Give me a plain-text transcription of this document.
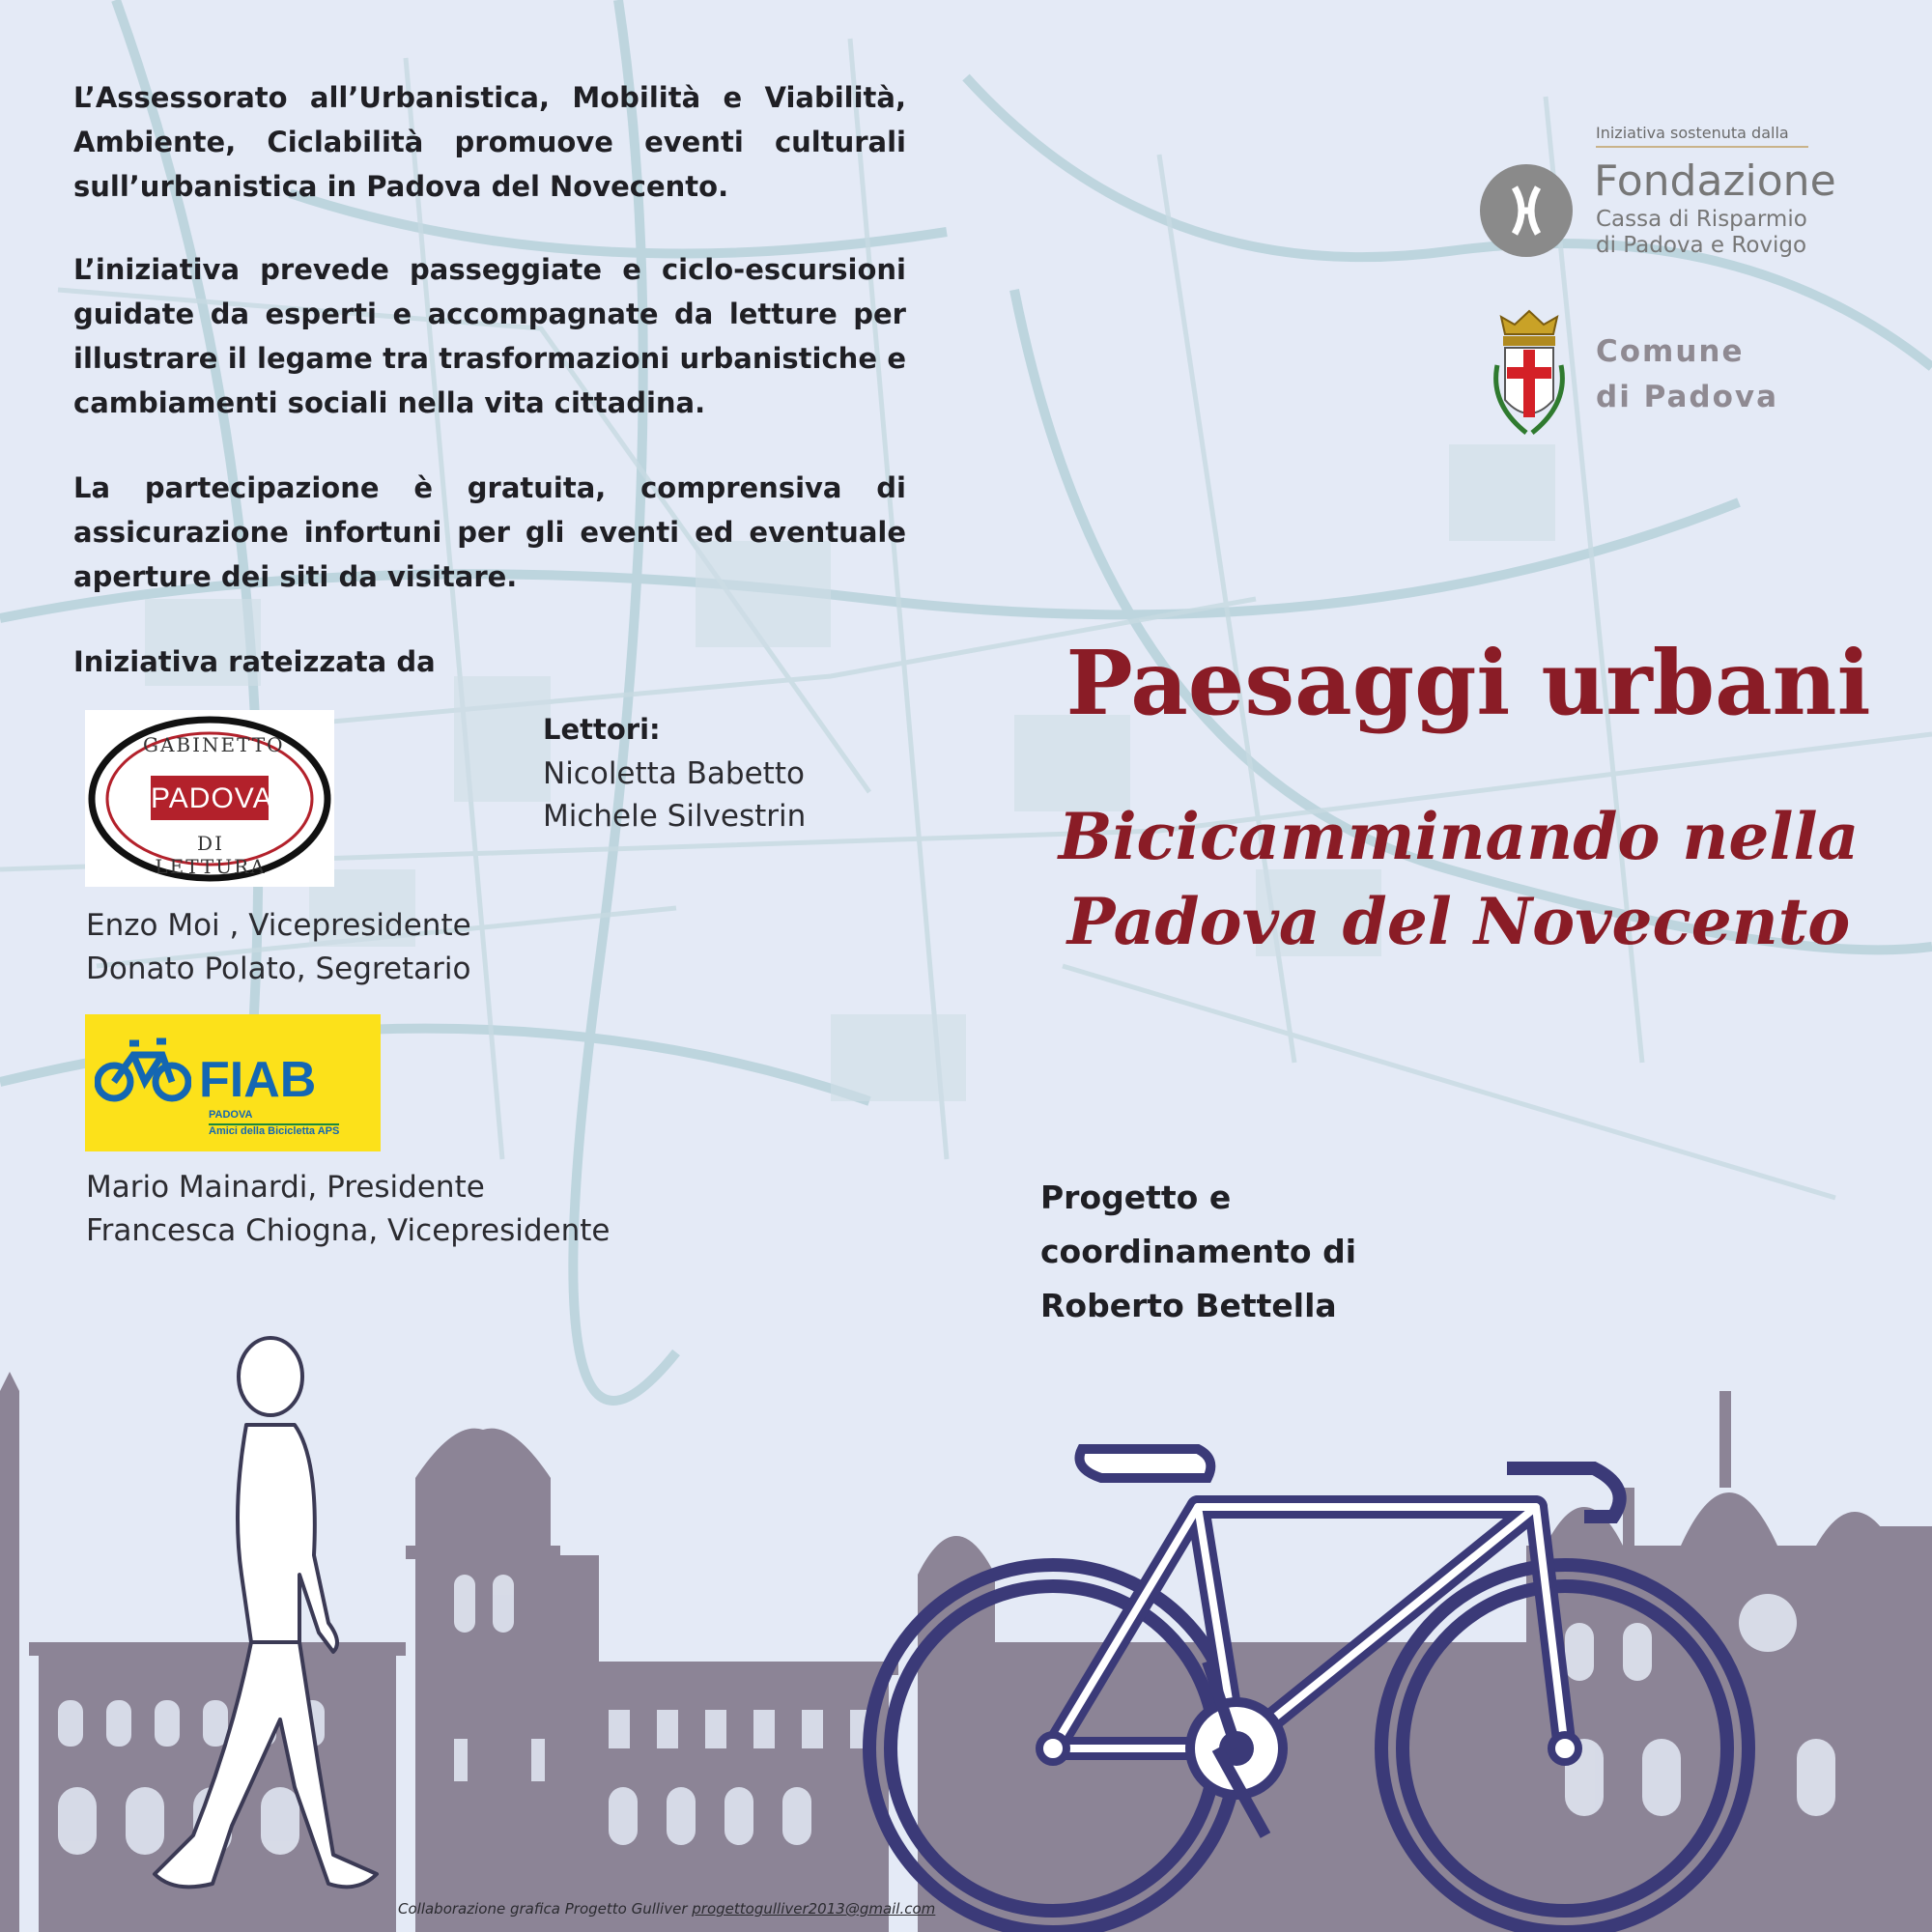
L’Assessorato all’Urbanistica, Mobilità e Viabilità, Ambiente, Ciclabilità promuove eventi culturali sull’urbanistica in Padova del Novecento.

L’iniziativa prevede passeggiate e ciclo-escursioni guidate da esperti e accompagnate da letture per illustrare il legame tra trasformazioni urbanistiche e cambiamenti sociali nella vita cittadina.

La partecipazione è gratuita, comprensiva di assicurazione infortuni per gli eventi ed eventuale aperture dei siti da visitare.

Iniziativa rateizzata da
GABINETTO
PADOVA
DI LETTURA
Enzo Moi , Vicepresidente
Donato Polato, Segretario
FIAB
PADOVA
Amici della Bicicletta APS
Mario Mainardi, Presidente
Francesca Chiogna, Vicepresidente
Lettori:
Nicoletta Babetto
Michele Silvestrin
Iniziativa sostenuta dalla
Fondazione
Cassa di Risparmio
di Padova e Rovigo
Comune
di Padova
Paesaggi urbani
Bicicamminando nella
Padova del Novecento
Progetto e
coordinamento di
Roberto Bettella
Collaborazione grafica Progetto Gulliver progettogulliver2013@gmail.com
